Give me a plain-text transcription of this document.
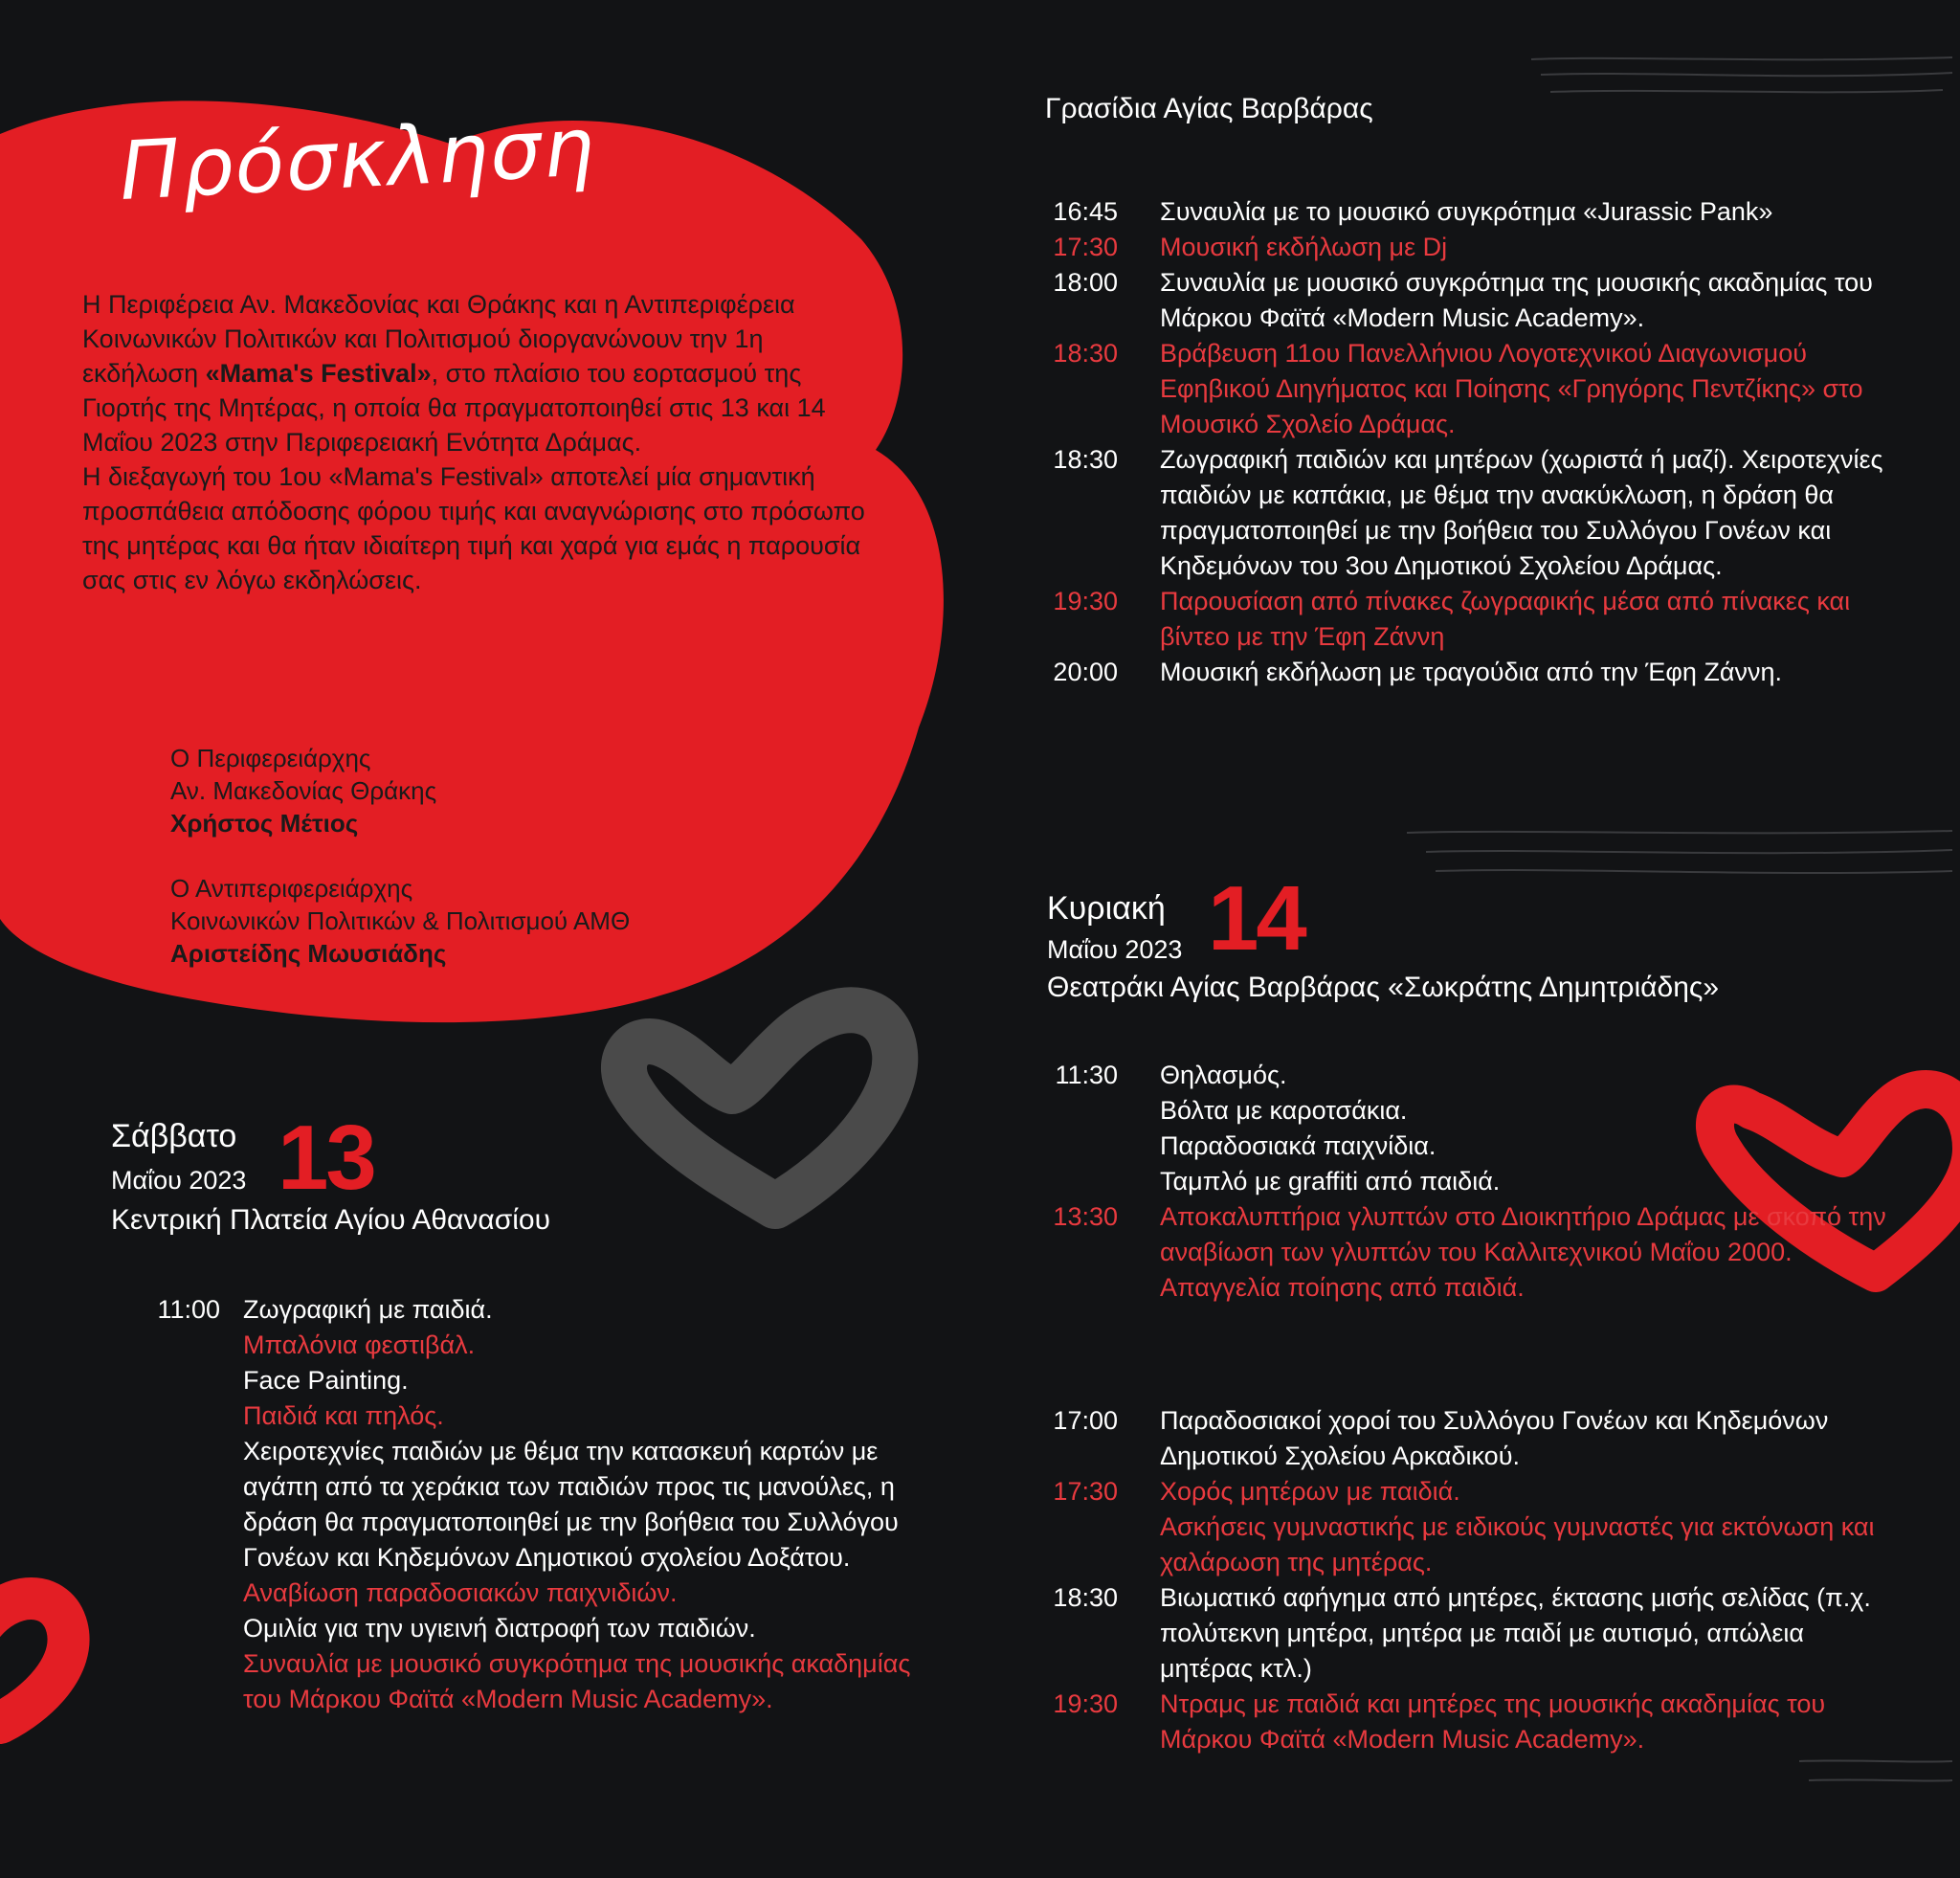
Πρόσκληση

Η Περιφέρεια Αν. Μακεδονίας και Θράκης και η Αντιπεριφέρεια Κοινωνικών Πολιτικών και Πολιτισμού διοργανώνουν την 1η εκδήλωση «Mama's Festival», στο πλαίσιο του εορτασμού της Γιορτής της Μητέρας, η οποία θα πραγματοποιηθεί στις 13 και 14 Μαΐου 2023 στην Περιφερειακή Ενότητα Δράμας.

Η διεξαγωγή του 1ου «Mama's Festival» αποτελεί μία σημαντική προσπάθεια απόδοσης φόρου τιμής και αναγνώρισης στο πρόσωπο της μητέρας και θα ήταν ιδιαίτερη τιμή και χαρά για εμάς η παρουσία σας στις εν λόγω εκδηλώσεις.

Ο Περιφερειάρχης
Αν. Μακεδονίας Θράκης
Χρήστος Μέτιος
Ο Αντιπεριφερειάρχης
Κοινωνικών Πολιτικών & Πολιτισμού ΑΜΘ
Αριστείδης Μωυσιάδης
Σάββατο
Μαΐου 2023 13
Κεντρική Πλατεία Αγίου Αθανασίου
11:00 Ζωγραφική με παιδιά.
Μπαλόνια φεστιβάλ.
Face Painting.
Παιδιά και πηλός.
Χειροτεχνίες παιδιών με θέμα την κατασκευή καρτών με αγάπη από τα χεράκια των παιδιών προς τις μανούλες, η δράση θα πραγματοποιηθεί με την βοήθεια του Συλλόγου Γονέων και Κηδεμόνων Δημοτικού σχολείου Δοξάτου.
Αναβίωση παραδοσιακών παιχνιδιών.
Ομιλία για την υγιεινή διατροφή των παιδιών.
Συναυλία με μουσικό συγκρότημα της μουσικής ακαδημίας του Μάρκου Φαϊτά «Modern Music Academy».
Γρασίδια Αγίας Βαρβάρας
16:45	Συναυλία με το μουσικό συγκρότημα «Jurassic Pank»
17:30	Μουσική εκδήλωση με Dj
18:00	Συναυλία με μουσικό συγκρότημα της μουσικής ακαδημίας του Μάρκου Φαϊτά «Modern Music Academy».
18:30	Βράβευση 11ου Πανελλήνιου Λογοτεχνικού Διαγωνισμού Εφηβικού Διηγήματος και Ποίησης «Γρηγόρης Πεντζίκης» στο Μουσικό Σχολείο Δράμας.
18:30	Ζωγραφική παιδιών και μητέρων (χωριστά ή μαζί). Χειροτεχνίες παιδιών με καπάκια, με θέμα την ανακύκλωση, η δράση θα πραγματοποιηθεί με την βοήθεια του Συλλόγου Γονέων και Κηδεμόνων του 3ου Δημοτικού Σχολείου Δράμας.
19:30	Παρουσίαση από πίνακες ζωγραφικής μέσα από πίνακες και βίντεο με την Έφη Ζάννη
20:00	Μουσική εκδήλωση με τραγούδια από την Έφη Ζάννη.
Κυριακή
Μαΐου 2023 14
Θεατράκι Αγίας Βαρβάρας «Σωκράτης Δημητριάδης»
11:30	Θηλασμός.
Βόλτα με καροτσάκια.
Παραδοσιακά παιχνίδια.
Ταμπλό με graffiti από παιδιά.
13:30	Αποκαλυπτήρια γλυπτών στο Διοικητήριο Δράμας με σκοπό την αναβίωση των γλυπτών του Καλλιτεχνικού Μαΐου 2000.
Απαγγελία ποίησης από παιδιά.
17:00	Παραδοσιακοί χοροί του Συλλόγου Γονέων και Κηδεμόνων Δημοτικού Σχολείου Αρκαδικού.
17:30	Χορός μητέρων με παιδιά.
Ασκήσεις γυμναστικής με ειδικούς γυμναστές για εκτόνωση και χαλάρωση της μητέρας.
18:30	Βιωματικό αφήγημα από μητέρες, έκτασης μισής σελίδας (π.χ. πολύτεκνη μητέρα, μητέρα με παιδί με αυτισμό, απώλεια μητέρας κτλ.)
19:30	Ντραμς με παιδιά και μητέρες της μουσικής ακαδημίας του Μάρκου Φαϊτά «Modern Music Academy».
